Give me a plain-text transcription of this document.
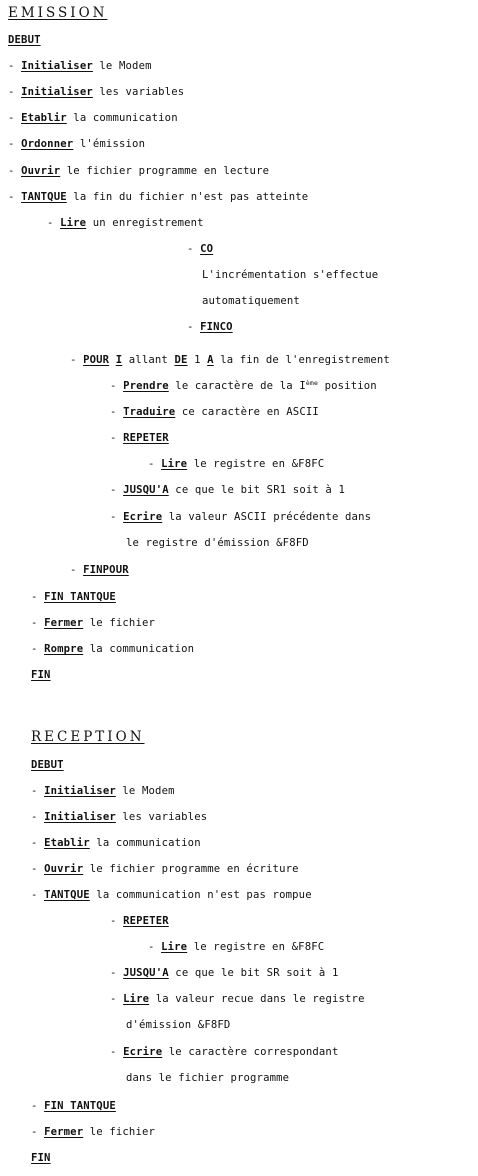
EMISSION
DEBUT
- Initialiser le Modem
- Initialiser les variables
- Etablir la communication
- Ordonner l'émission
- Ouvrir le fichier programme en lecture
- TANTQUE la fin du fichier n'est pas atteinte
- Lire un enregistrement
- CO
L'incrémentation s'effectue
automatiquement
- FINCO
- POUR I allant DE 1 A la fin de l'enregistrement
- Prendre le caractère de la Ième position
- Traduire ce caractère en ASCII
- REPETER
- Lire le registre en &F8FC
- JUSQU'A ce que le bit SR1 soit à 1
- Ecrire la valeur ASCII précédente dans
le registre d'émission &F8FD
- FINPOUR
- FIN TANTQUE
- Fermer le fichier
- Rompre la communication
FIN
RECEPTION
DEBUT
- Initialiser le Modem
- Initialiser les variables
- Etablir la communication
- Ouvrir le fichier programme en écriture
- TANTQUE la communication n'est pas rompue
- REPETER
- Lire le registre en &F8FC
- JUSQU'A ce que le bit SR soit à 1
- Lire la valeur recue dans le registre
d'émission &F8FD
- Ecrire le caractère correspondant
dans le fichier programme
- FIN TANTQUE
- Fermer le fichier
FIN
